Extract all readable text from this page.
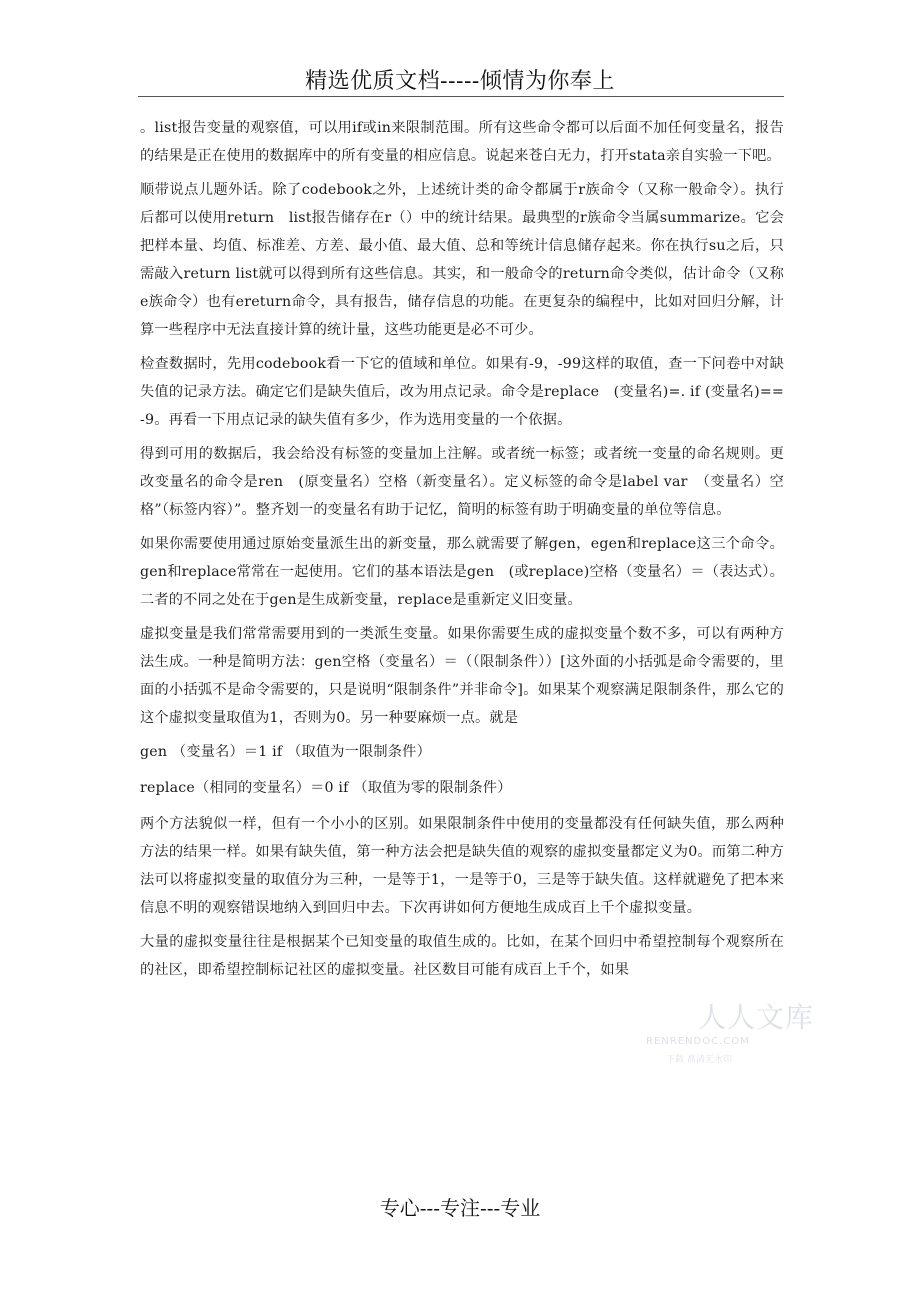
精选优质文档-----倾情为你奉上

。list报告变量的观察值，可以用if或in来限制范围。所有这些命令都可以后面不加任何变量名，报告的结果是正在使用的数据库中的所有变量的相应信息。说起来苍白无力，打开stata亲自实验一下吧。

顺带说点儿题外话。除了codebook之外，上述统计类的命令都属于r族命令（又称一般命令）。执行后都可以使用return　list报告储存在r（）中的统计结果。最典型的r族命令当属summarize。它会把样本量、均值、标准差、方差、最小值、最大值、总和等统计信息储存起来。你在执行su之后，只需敲入return list就可以得到所有这些信息。其实，和一般命令的return命令类似，估计命令（又称e族命令）也有ereturn命令，具有报告，储存信息的功能。在更复杂的编程中，比如对回归分解，计算一些程序中无法直接计算的统计量，这些功能更是必不可少。

检查数据时，先用codebook看一下它的值域和单位。如果有-9，-99这样的取值，查一下问卷中对缺失值的记录方法。确定它们是缺失值后，改为用点记录。命令是replace　(变量名)=. if (变量名)==-9。再看一下用点记录的缺失值有多少，作为选用变量的一个依据。

得到可用的数据后，我会给没有标签的变量加上注解。或者统一标签；或者统一变量的命名规则。更改变量名的命令是ren　(原变量名）空格（新变量名）。定义标签的命令是label var　（变量名）空格”（标签内容）”。整齐划一的变量名有助于记忆，简明的标签有助于明确变量的单位等信息。

如果你需要使用通过原始变量派生出的新变量，那么就需要了解gen，egen和replace这三个命令。gen和replace常常在一起使用。它们的基本语法是gen　(或replace)空格（变量名）＝（表达式）。二者的不同之处在于gen是生成新变量，replace是重新定义旧变量。

虚拟变量是我们常常需要用到的一类派生变量。如果你需要生成的虚拟变量个数不多，可以有两种方法生成。一种是简明方法：gen空格（变量名）＝（（限制条件））[这外面的小括弧是命令需要的，里面的小括弧不是命令需要的，只是说明“限制条件”并非命令]。如果某个观察满足限制条件，那么它的这个虚拟变量取值为1，否则为0。另一种要麻烦一点。就是

gen （变量名）＝1 if （取值为一限制条件）

replace（相同的变量名）＝0 if （取值为零的限制条件）

两个方法貌似一样，但有一个小小的区别。如果限制条件中使用的变量都没有任何缺失值，那么两种方法的结果一样。如果有缺失值，第一种方法会把是缺失值的观察的虚拟变量都定义为0。而第二种方法可以将虚拟变量的取值分为三种，一是等于1，一是等于0，三是等于缺失值。这样就避免了把本来信息不明的观察错误地纳入到回归中去。下次再讲如何方便地生成成百上千个虚拟变量。

大量的虚拟变量往往是根据某个已知变量的取值生成的。比如，在某个回归中希望控制每个观察所在的社区，即希望控制标记社区的虚拟变量。社区数目可能有成百上千个，如果

人人文库
RENRENDOC.COM
下载 高清无水印
专心---专注---专业
